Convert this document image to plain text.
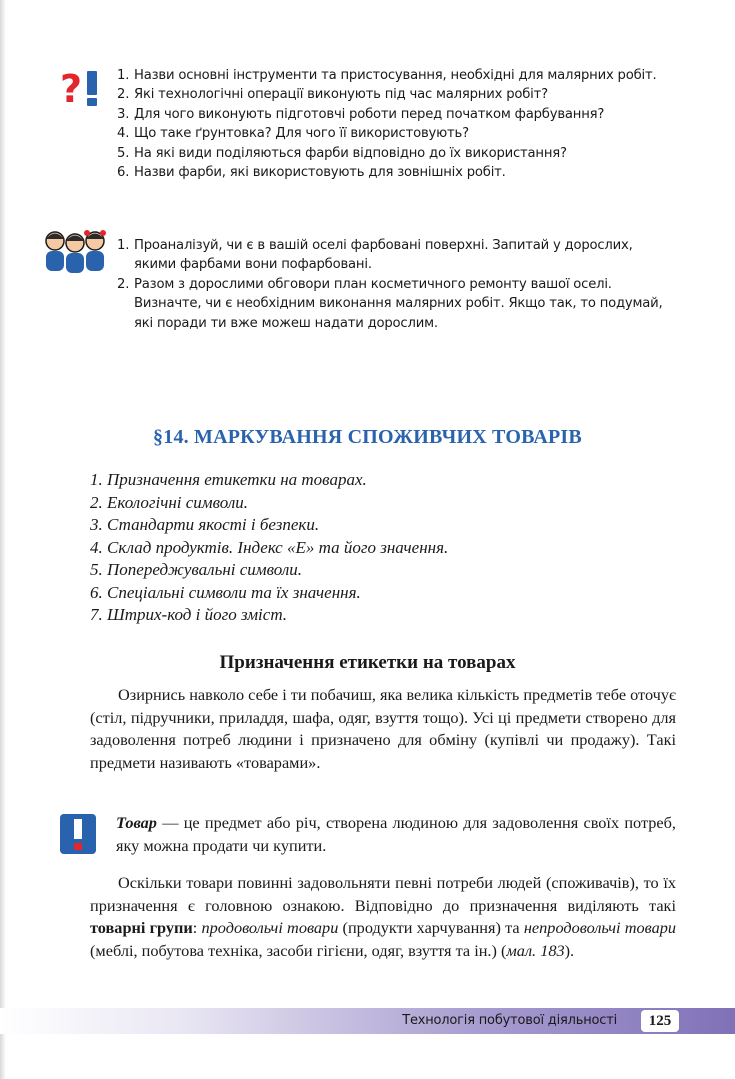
?	1. Назви основні інструменти та пристосування, необхідні для малярних робіт.
2. Які технологічні операції виконують під час малярних робіт?
3. Для чого виконують підготовчі роботи перед початком фарбування?
4. Що таке ґрунтовка? Для чого її використовують?
5. На які види поділяються фарби відповідно до їх використання?
6. Назви фарби, які використовують для зовнішніх робіт.
1. Проаналізуй, чи є в вашій оселі фарбовані поверхні. Запитай у дорослих, якими фарбами вони пофарбовані.
2. Разом з дорослими обговори план косметичного ремонту вашої оселі. Визначте, чи є необхідним виконання малярних робіт. Якщо так, то подумай, які поради ти вже можеш надати дорослим.
§14. МАРКУВАННЯ СПОЖИВЧИХ ТОВАРІВ
1. Призначення етикетки на товарах.
2. Екологічні символи.
3. Стандарти якості і безпеки.
4. Склад продуктів. Індекс «Е» та його значення.
5. Попереджувальні символи.
6. Спеціальні символи та їх значення.
7. Штрих-код і його зміст.
Призначення етикетки на товарах

Озирнись навколо себе і ти побачиш, яка велика кількість предметів тебе оточує (стіл, підручники, приладдя, шафа, одяг, взуття тощо). Усі ці предмети створено для задоволення потреб людини і призначено для обміну (купівлі чи продажу). Такі предмети називають «товарами».

Товар — це предмет або річ, створена людиною для задоволення своїх потреб, яку можна продати чи купити.

Оскільки товари повинні задовольняти певні потреби людей (споживачів), то їх призначення є головною ознакою. Відповідно до призначення виділяють такі товарні групи: продовольчі товари (продукти харчування) та непродовольчі товари (меблі, побутова техніка, засоби гігієни, одяг, взуття та ін.) (мал. 183).

Технологія побутової діяльності	125
